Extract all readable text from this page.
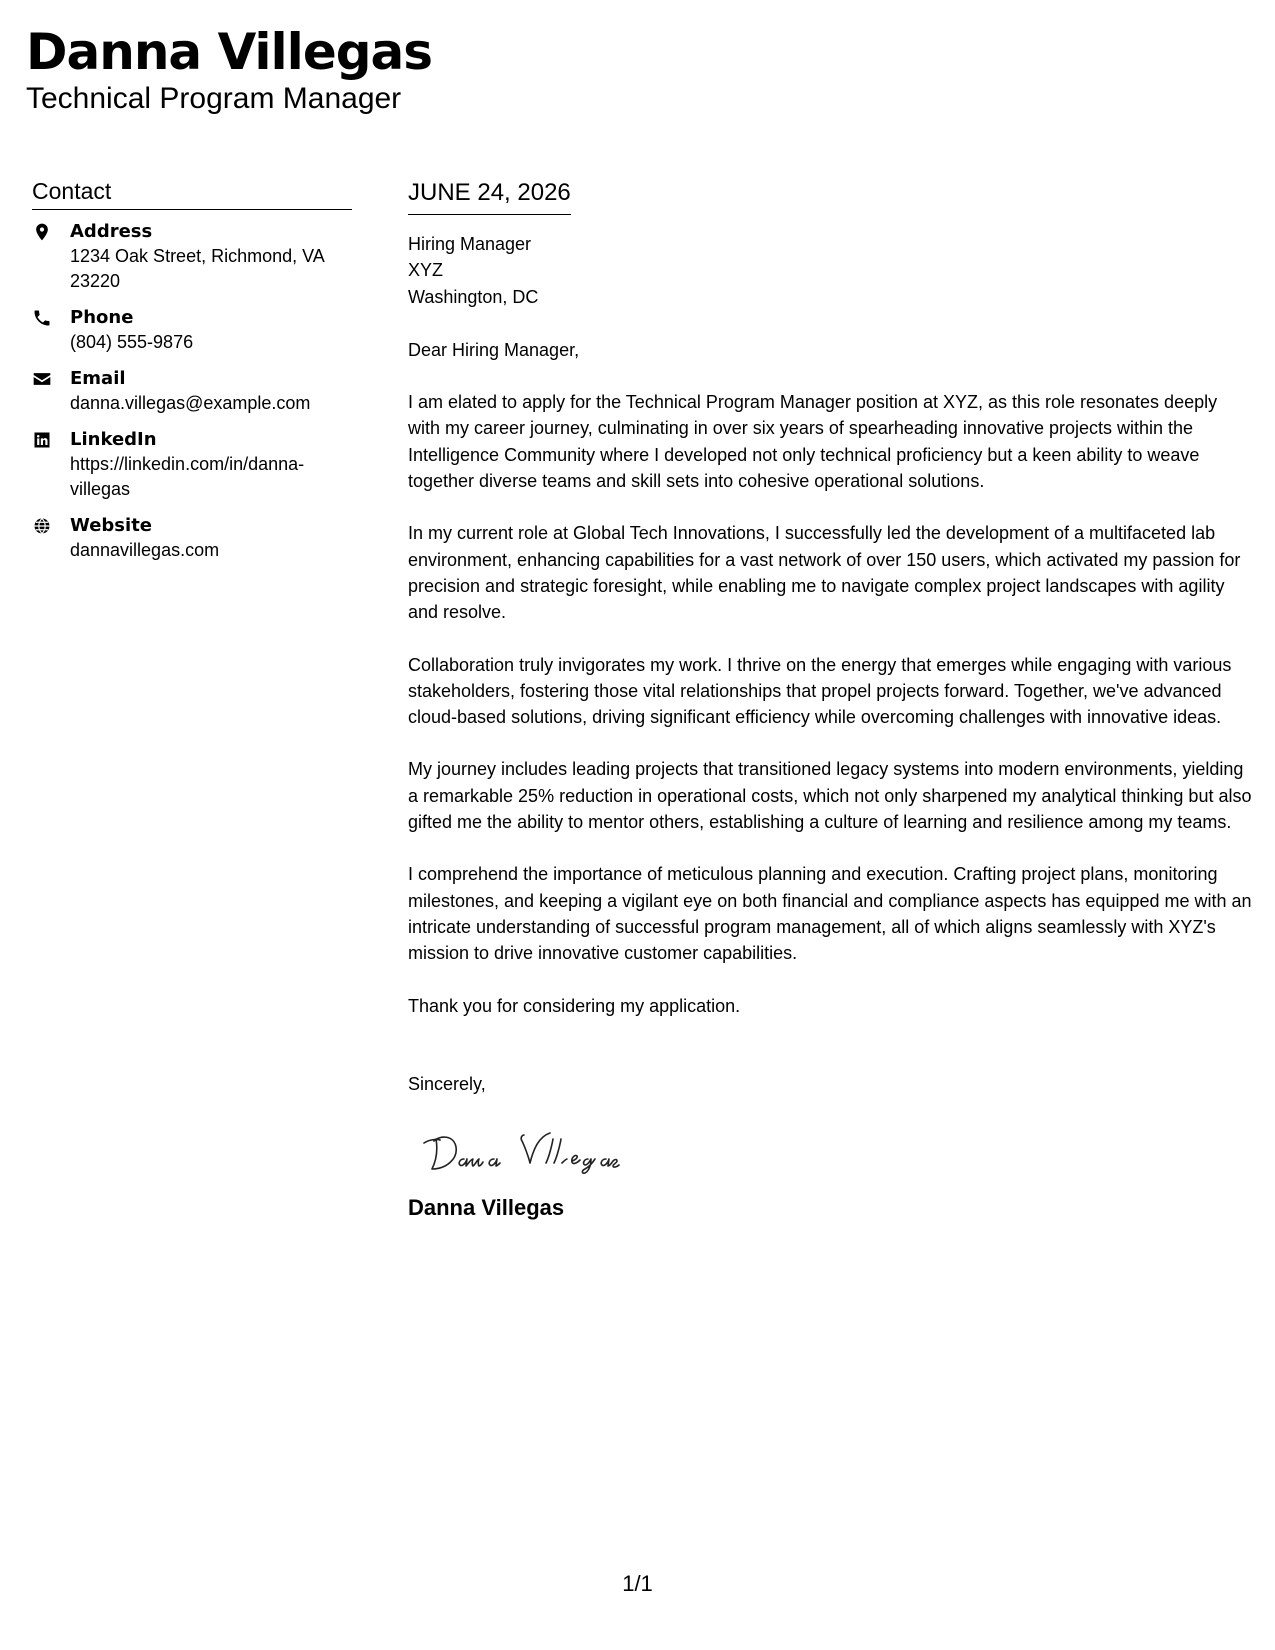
Danna Villegas
Technical Program Manager
Contact
Address
1234 Oak Street, Richmond, VA 23220
Phone
(804) 555-9876
Email
danna.villegas@example.com
LinkedIn
https://linkedin.com/in/danna-villegas
Website
dannavillegas.com
JUNE 24, 2026
Hiring Manager
XYZ
Washington, DC
Dear Hiring Manager,

I am elated to apply for the Technical Program Manager position at XYZ, as this role resonates deeply with my career journey, culminating in over six years of spearheading innovative projects within the Intelligence Community where I developed not only technical proficiency but a keen ability to weave together diverse teams and skill sets into cohesive operational solutions.

In my current role at Global Tech Innovations, I successfully led the development of a multifaceted lab environment, enhancing capabilities for a vast network of over 150 users, which activated my passion for precision and strategic foresight, while enabling me to navigate complex project landscapes with agility and resolve.

Collaboration truly invigorates my work. I thrive on the energy that emerges while engaging with various stakeholders, fostering those vital relationships that propel projects forward. Together, we've advanced cloud-based solutions, driving significant efficiency while overcoming challenges with innovative ideas.

My journey includes leading projects that transitioned legacy systems into modern environments, yielding a remarkable 25% reduction in operational costs, which not only sharpened my analytical thinking but also gifted me the ability to mentor others, establishing a culture of learning and resilience among my teams.

I comprehend the importance of meticulous planning and execution. Crafting project plans, monitoring milestones, and keeping a vigilant eye on both financial and compliance aspects has equipped me with an intricate understanding of successful program management, all of which aligns seamlessly with XYZ's mission to drive innovative customer capabilities.

Thank you for considering my application.

Sincerely,
Danna Villegas
1/1
